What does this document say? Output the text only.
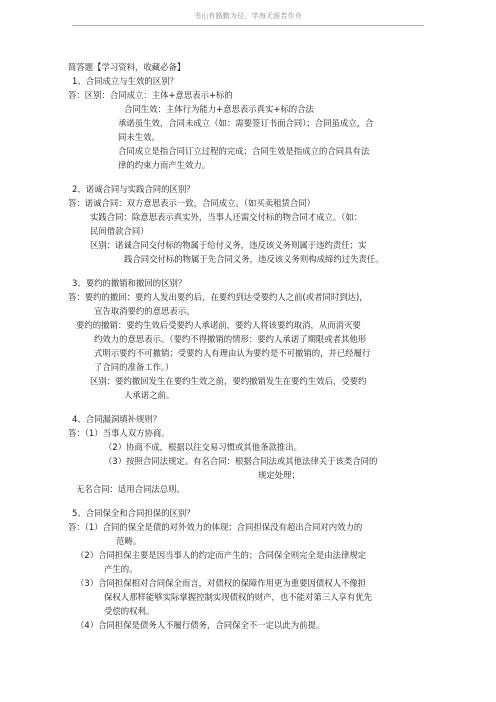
书山有路勤为径，学海无涯苦作舟
简答题【学习资料，收藏必备】
1、合同成立与生效的区别？
答：区别：合同成立：主体+意思表示+标的
合同生效：主体行为能力+意思表示真实+标的合法
承诺虽生效，合同未成立（如：需要签订书面合同）；合同虽成立，合
同未生效。
合同成立是指合同订立过程的完成；合同生效是指成立的合同具有法
律的约束力而产生效力。
2、诺诚合同与实践合同的区别？
答：诺诚合同：双方意思表示一致，合同成立。（如买卖租赁合同）
实践合同：除意思表示真实外，当事人还需交付标的物合同才成立。（如：
民间借款合同）
区别：诺诚合同交付标的物属于给付义务，违反该义务则属于违约责任；实
践合同交付标的物属于先合同义务，违反该义务则构成缔约过失责任。
3、要约的撤销和撤回的区别？
答：要约的撤回：要约人发出要约后，在要约到达受要约人之前(或者同时到达)，
宣告取消要约的意思表示。
要约的撤销：要约生效后受要约人承诺前，要约人将该要约取消，从而消灭要
约效力的意思表示。（要约不得撤销的情形：要约人承诺了期限或者其他形
式明示要约不可撤销；受要约人有理由认为要约是不可撤销的，并已经履行
了合同的准备工作。）
区别：要约撤回发生在要约生效之前，要约撤销发生在要约生效后，受要约
人承诺之前。
4、合同漏洞填补规则？
答：（1）当事人双方协商。
（2）协商不成，根据以往交易习惯或其他条款推出。
（3）按照合同法规定。有名合同：根据合同法或其他法律关于该类合同的
规定处理；
无名合同：适用合同法总则。
5、合同保全和合同担保的区别？
答：（1）合同的保全是债的对外效力的体现；合同担保没有超出合同对内效力的
范畴。
（2）合同担保主要是因当事人的约定而产生的；合同保全则完全是由法律规定
产生的。
（3）合同担保相对合同保全而言，对债权的保障作用更为重要因债权人不像担
保权人那样能够实际掌握控制实现债权的财产，也不能对第三人享有优先
受偿的权利。
（4）合同担保是债务人不履行债务，合同保全不一定以此为前提。
